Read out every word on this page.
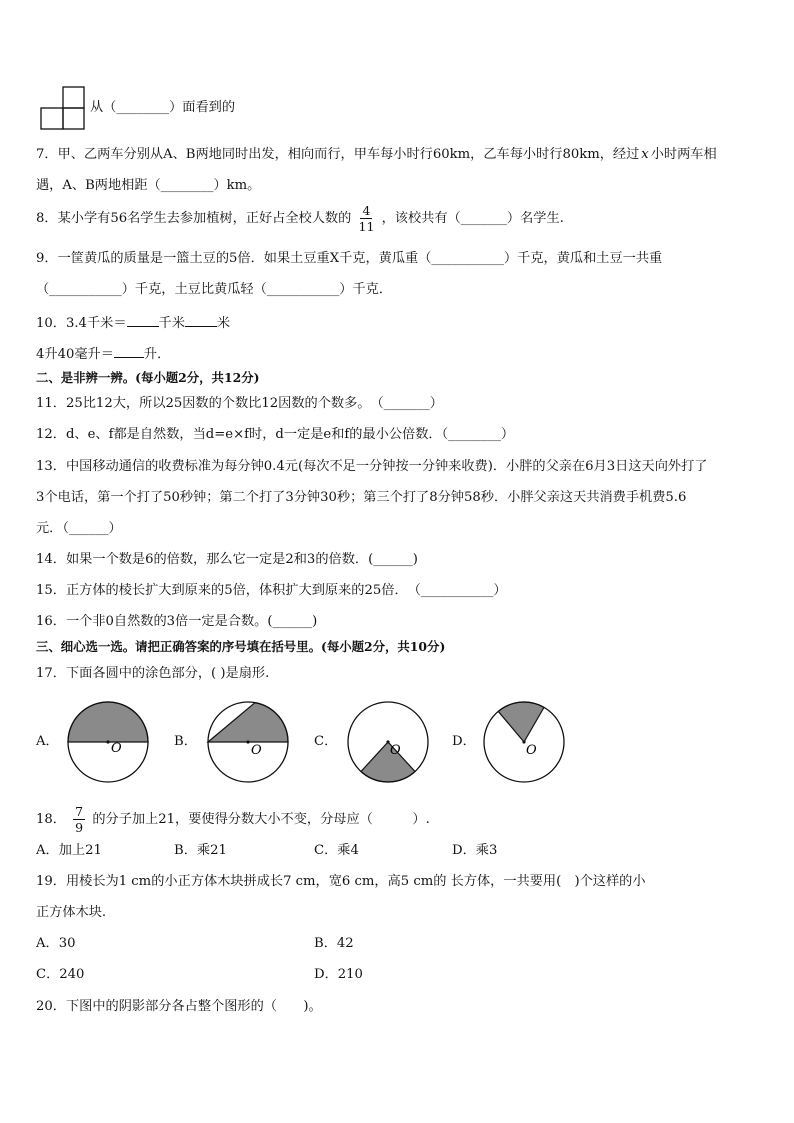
从（________）面看到的
7．甲、乙两车分别从A、B两地同时出发，相向而行，甲车每小时行60km，乙车每小时行80km，经过 x 小时两车相
遇，A、B两地相距（________）km。
8．某小学有56名学生去参加植树，正好占全校人数的 $\frac{4}{11}$ ，该校共有（_______）名学生.
9．一筐黄瓜的质量是一篮土豆的5倍．如果土豆重X千克，黄瓜重（___________）千克，黄瓜和土豆一共重
（___________）千克，土豆比黄瓜轻（___________）千克．
10．3.4千米＝ 千米 米
4升40毫升＝ 升．
二、是非辨一辨。(每小题2分，共12分)
11．25比12大，所以25因数的个数比12因数的个数多。　（_______）
12．d、e、f都是自然数，当d=e×f时，d一定是e和f的最小公倍数．（________）
13．中国移动通信的收费标准为每分钟0.4元(每次不足一分钟按一分钟来收费)．小胖的父亲在6月3日这天向外打了
3个电话，第一个打了50秒钟；第二个打了3分钟30秒；第三个打了8分钟58秒．小胖父亲这天共消费手机费5.6
元．（______）
14．如果一个数是6的倍数，那么它一定是2和3的倍数．(______)
15．正方体的棱长扩大到原来的5倍，体积扩大到原来的25倍．　（___________）
16．一个非0自然数的3倍一定是合数。(______)
三、细心选一选。请把正确答案的序号填在括号里。(每小题2分，共10分)
17．下面各圆中的涂色部分，( )是扇形.
A．	B．	C．	D．
O	O	O	O
18． $\frac{7}{9}$ 的分子加上21，要使得分数大小不变，分母应（　　　）.
A．加上21	B．乘21	C．乘4	D．乘3
19．用棱长为1 cm的小正方体木块拼成长7 cm，宽6 cm，高5 cm的 长方体，一共要用(　)个这样的小
正方体木块.
A．30	B．42
C．240	D．210
20．下图中的阴影部分各占整个图形的（　　)。
